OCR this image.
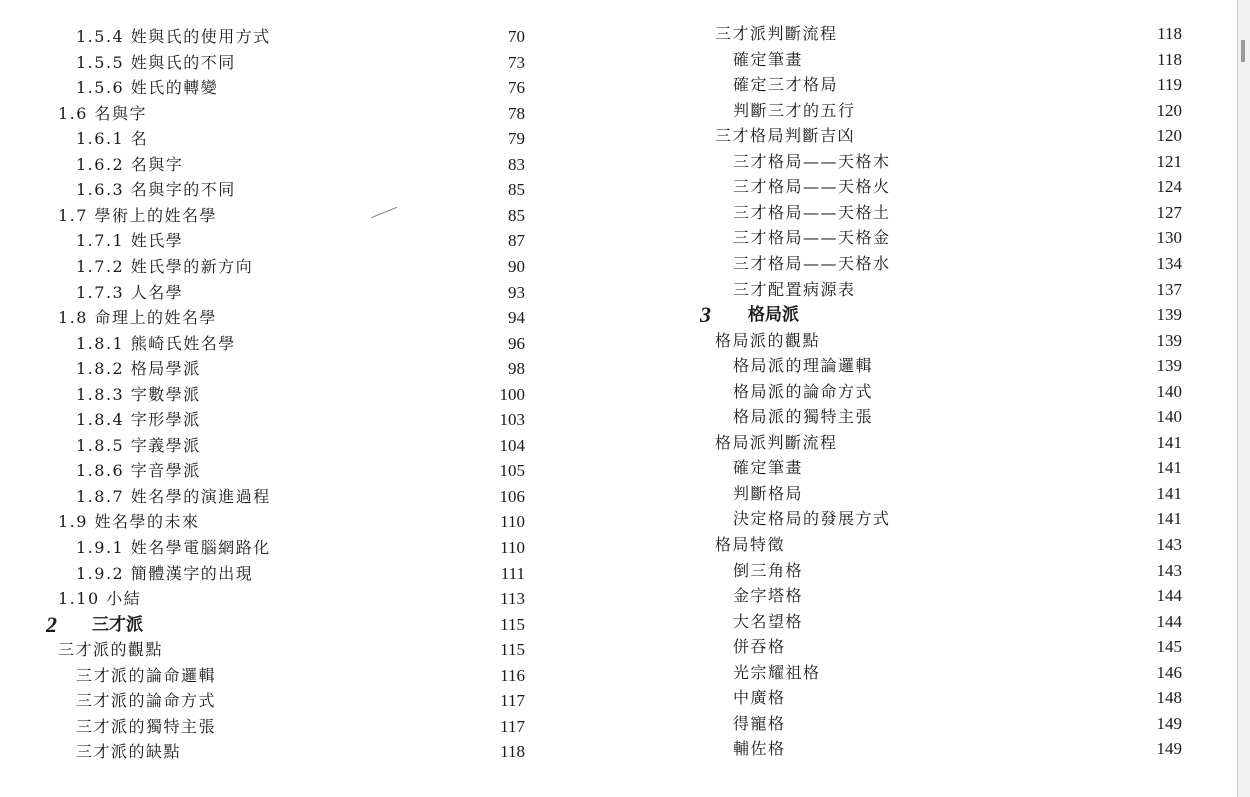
1.5.4 姓與氏的使用方式	70
1.5.5 姓與氏的不同	73
1.5.6 姓氏的轉變	76
1.6 名與字	78
1.6.1 名	79
1.6.2 名與字	83
1.6.3 名與字的不同	85
1.7 學術上的姓名學	85
1.7.1 姓氏學	87
1.7.2 姓氏學的新方向	90
1.7.3 人名學	93
1.8 命理上的姓名學	94
1.8.1 熊崎氏姓名學	96
1.8.2 格局學派	98
1.8.3 字數學派	100
1.8.4 字形學派	103
1.8.5 字義學派	104
1.8.6 字音學派	105
1.8.7 姓名學的演進過程	106
1.9 姓名學的未來	110
1.9.1 姓名學電腦網路化	110
1.9.2 簡體漢字的出現	111
1.10 小結	113
2 三才派	115
三才派的觀點	115
三才派的論命邏輯	116
三才派的論命方式	117
三才派的獨特主張	117
三才派的缺點	118
三才派判斷流程	118
確定筆畫	118
確定三才格局	119
判斷三才的五行	120
三才格局判斷吉凶	120
三才格局——天格木	121
三才格局——天格火	124
三才格局——天格土	127
三才格局——天格金	130
三才格局——天格水	134
三才配置病源表	137
3 格局派	139
格局派的觀點	139
格局派的理論邏輯	139
格局派的論命方式	140
格局派的獨特主張	140
格局派判斷流程	141
確定筆畫	141
判斷格局	141
決定格局的發展方式	141
格局特徵	143
倒三角格	143
金字塔格	144
大名望格	144
併吞格	145
光宗耀祖格	146
中廣格	148
得寵格	149
輔佐格	149
